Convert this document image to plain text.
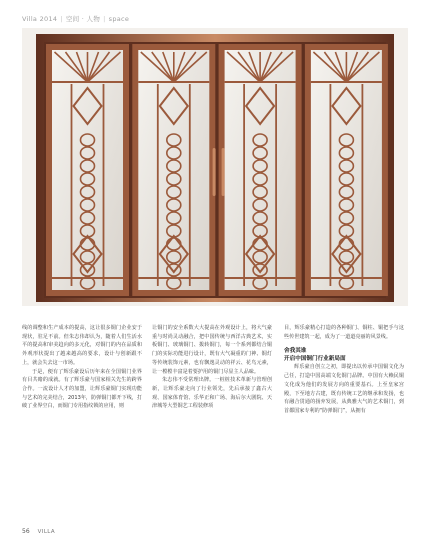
Villa 2014 | 空间 · 人物 | space

线的调整和生产成本的提高，这让很多铜门企业安于现状，驻足不前。但朱志伟却认为，随着人们生活水平的提高和审美趋向的多元化，对铜门的内在品质和外观形状提出了越来越高的要求，设计与创新跟不上，就会失去这一市场。

于是，便有了辉乐豪设后历年来在全国铜门业界有目共睹的成就。有了辉乐豪与国家相关先生的跨界合作。一流设计人才的加盟，让辉乐豪铜门实现功能与艺术的完美结合，2013年，防弹铜门都开下线，打破了业界空白，而铜门专用指纹锁的应用，则

让铜门的安全系数大大提高在外观设计上，将大气豪重与时尚灵动融合，把中国传统与西洋古典艺术，实板铜门、玻璃铜门、拨转铜门，每一个系列都结合铜门的实际功能进行设计，既有大气凝重的门神、铜灯等传统装饰元素，也有飘逸灵动的祥云、花鸟元素，让一樘樘丰富是着要护用的铜门尽显主人品味。

朱志伟不受常理出牌。一桩桩技术革新与管理创新，让辉乐豪走向了行业领先，先后承接了鑫古大观、国家体育馆、乐华正和广场、海后尔大剧院、天津城等大型铜艺工程装修项

目，辉乐豪精心打造的各种铜门、铜柱、铜把手与这些传世建筑一起，成为了一道道亮丽的风景线。

舍我其谁
开启中国铜门行业新局面

辉乐豪自创立之初，即提出以传承中国铜文化为己任，打造中国高端文化铜门品牌。中国有大赖民铜文化成为他们的发展方向的重要基石。上至皇家宫殿，下至地方古建，既有传统工艺的继承和发扬，也有融合贯通的扬弃发展，从典雅大气的艺术铜门，到首都国家专利的“防弹铜门”，从拥有

56 VILLA
